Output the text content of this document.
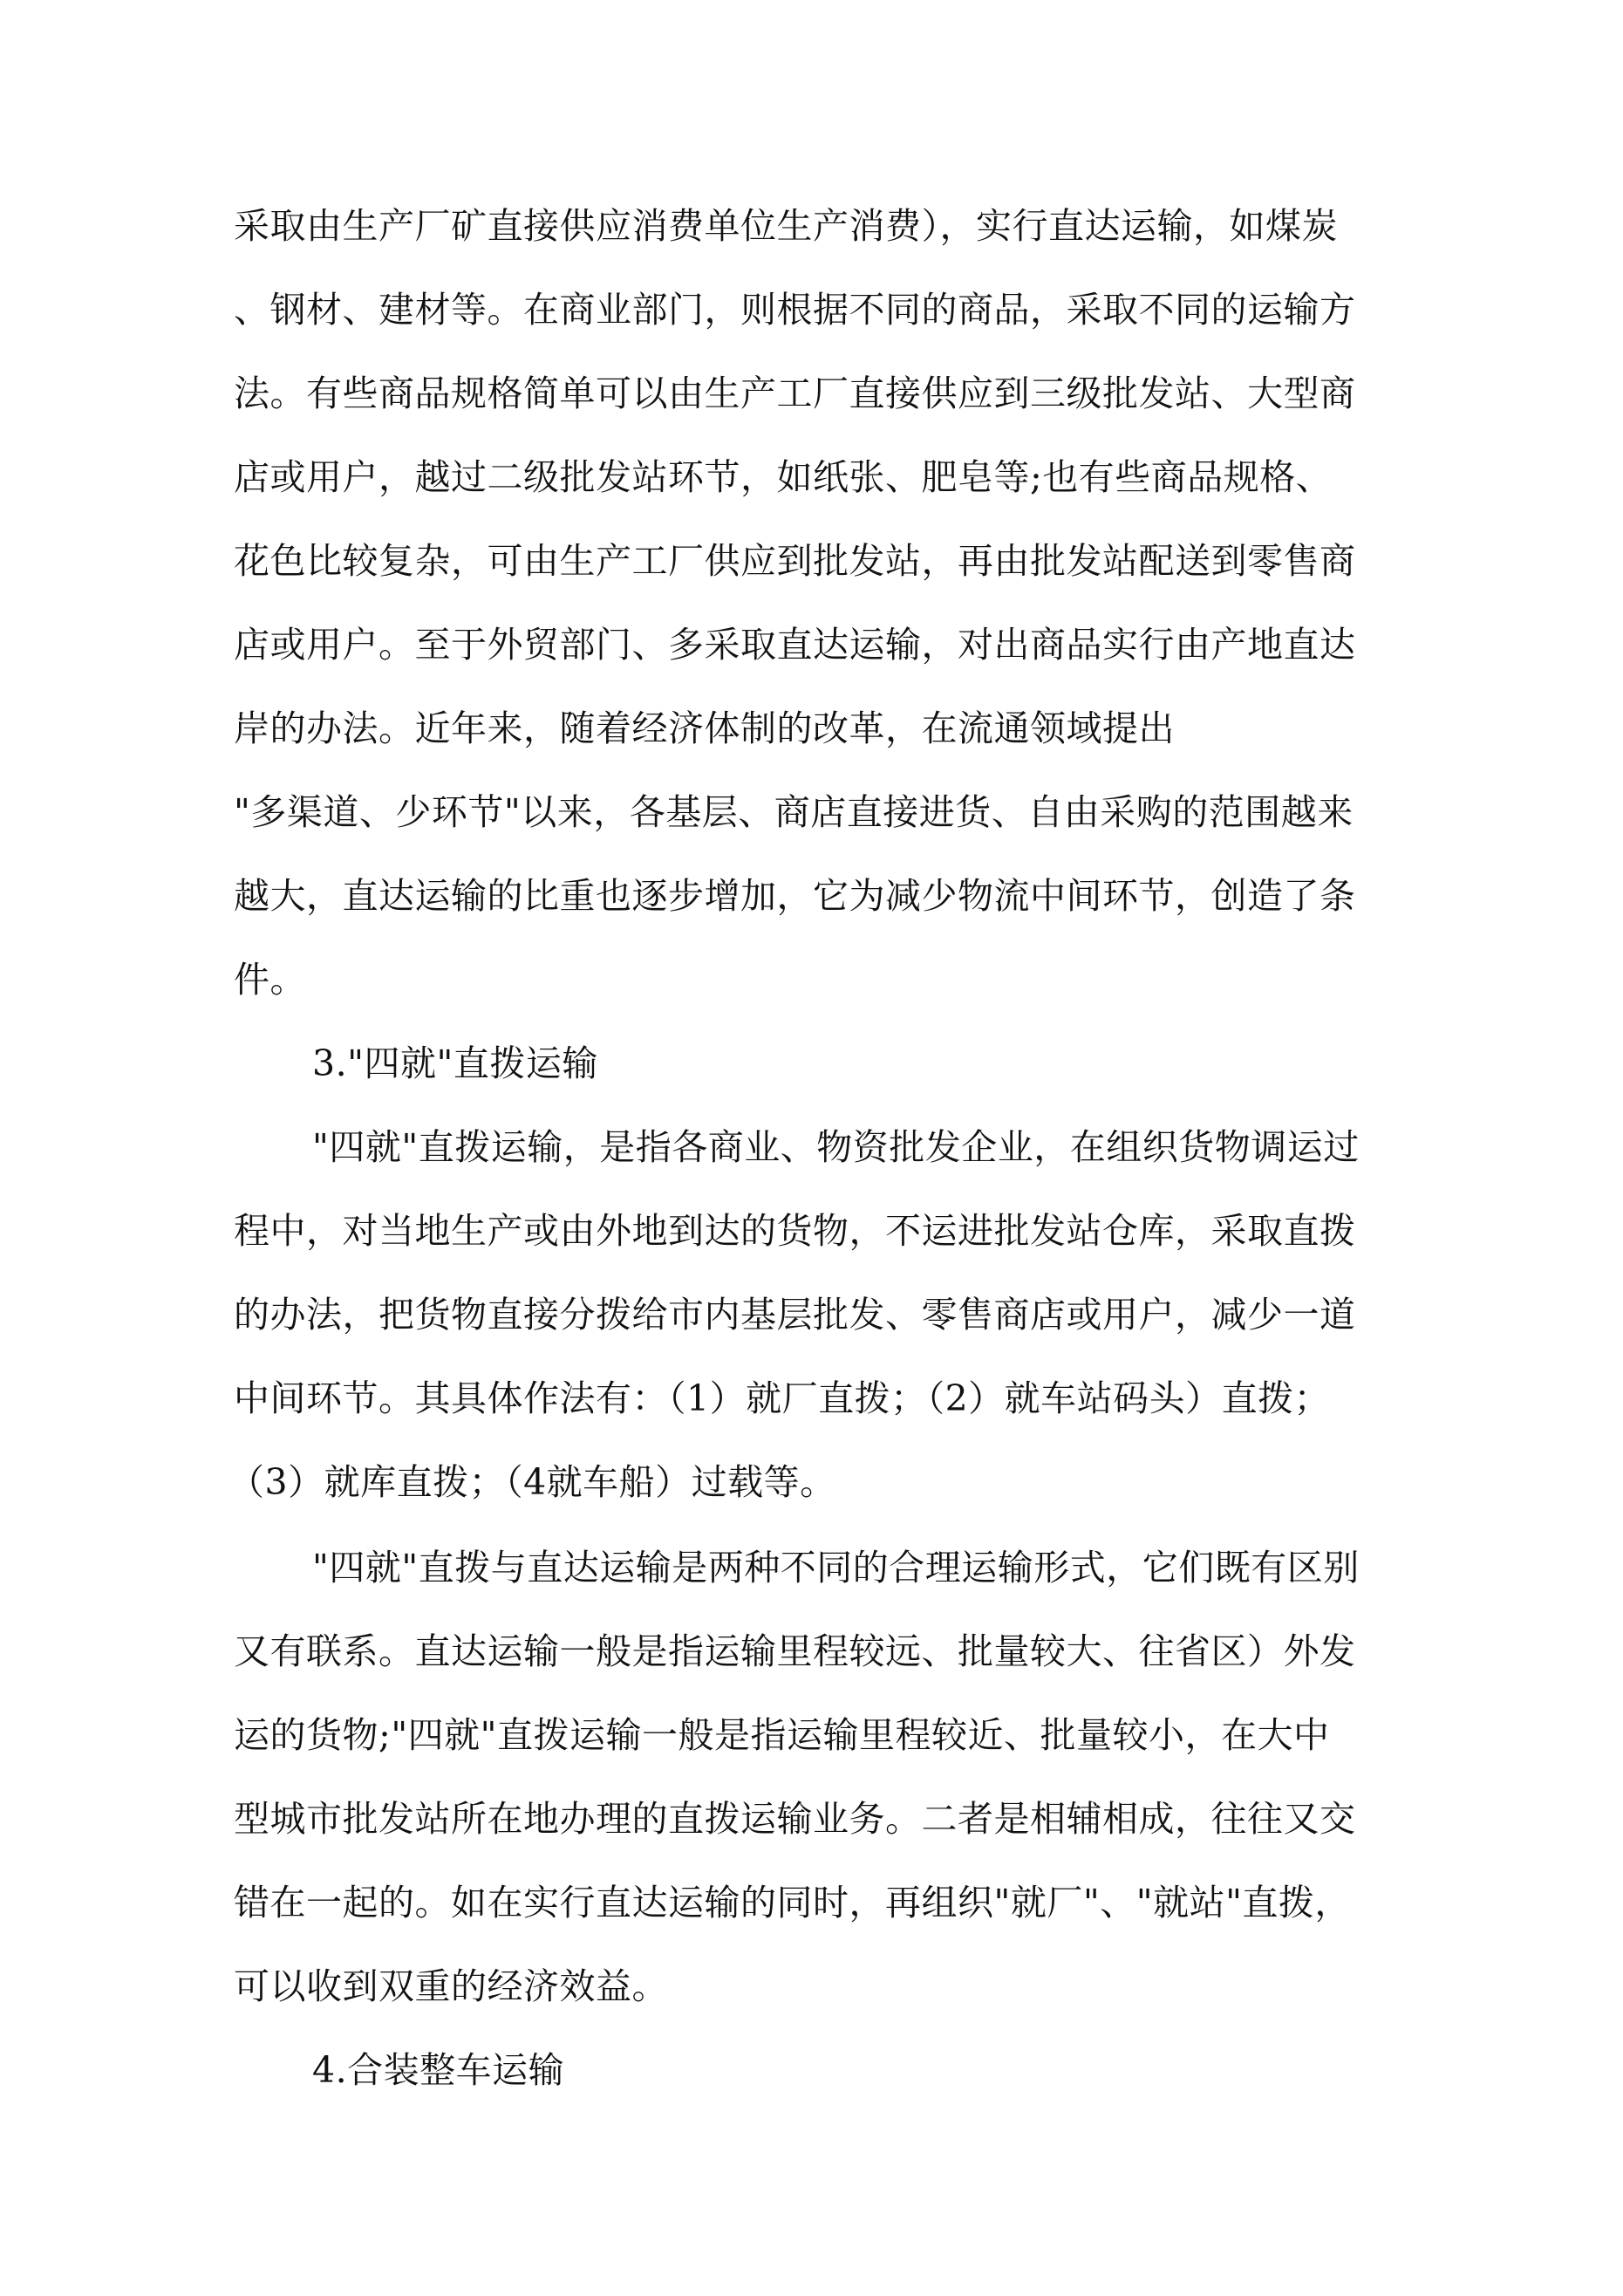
采取由生产厂矿直接供应消费单位生产消费），实行直达运输，如煤炭

、钢材、建材等。在商业部门，则根据不同的商品，采取不同的运输方

法。有些商品规格简单可以由生产工厂直接供应到三级批发站、大型商

店或用户，越过二级批发站环节，如纸张、肥皂等;也有些商品规格、

花色比较复杂，可由生产工厂供应到批发站，再由批发站配送到零售商

店或用户。至于外贸部门、多采取直达运输，对出商品实行由产地直达

岸的办法。近年来，随着经济体制的改革，在流通领域提出

"多渠道、少环节"以来，各基层、商店直接进货、自由采购的范围越来

越大，直达运输的比重也逐步增加，它为减少物流中间环节，创造了条

件。

3."四就"直拨运输

"四就"直拨运输，是指各商业、物资批发企业，在组织货物调运过

程中，对当地生产或由外地到达的货物，不运进批发站仓库，采取直拨

的办法，把货物直接分拨给市内基层批发、零售商店或用户，减少一道

中间环节。其具体作法有：（1）就厂直拨；（2）就车站码头）直拨；

（3）就库直拨；（4就车船）过载等。

"四就"直拨与直达运输是两种不同的合理运输形式，它们既有区别

又有联系。直达运输一般是指运输里程较远、批量较大、往省区）外发

运的货物;"四就"直拨运输一般是指运输里程较近、批量较小，在大中

型城市批发站所在地办理的直拨运输业务。二者是相辅相成，往往又交

错在一起的。如在实行直达运输的同时，再组织"就厂"、"就站"直拨，

可以收到双重的经济效益。

4.合装整车运输
